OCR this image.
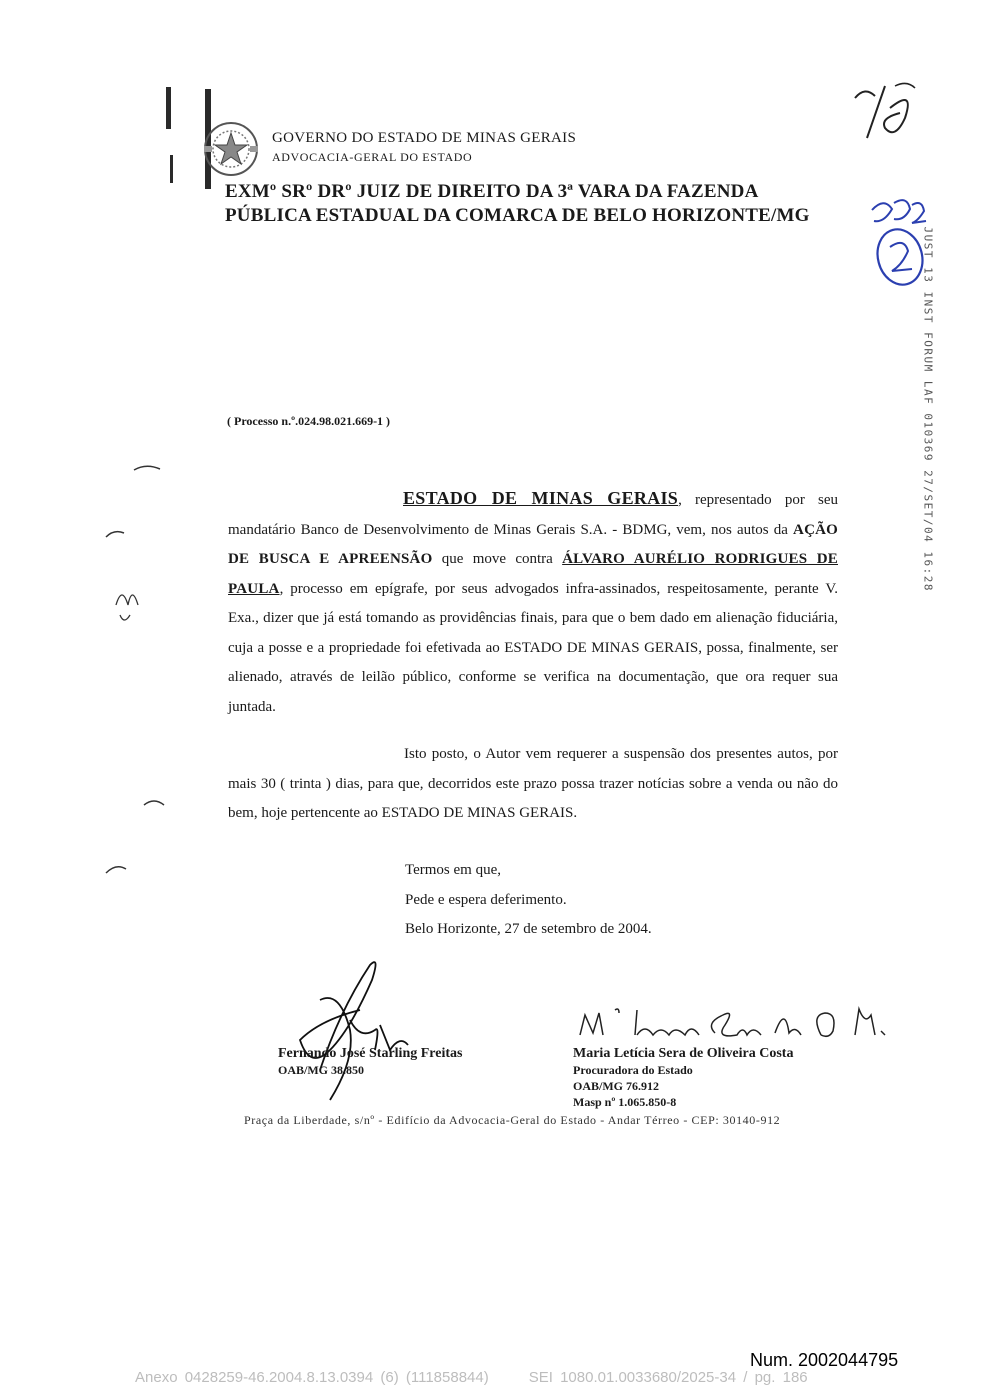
GOVERNO DO ESTADO DE MINAS GERAIS
ADVOCACIA-GERAL DO ESTADO
EXMº SRº DRº JUIZ DE DIREITO DA 3ª VARA DA FAZENDA
PÚBLICA ESTADUAL DA COMARCA DE BELO HORIZONTE/MG
198
962
JUST 13 INST FORUM LAF 010369 27/SET/04 16:28
( Processo n.º.024.98.021.669-1 )
ESTADO DE MINAS GERAIS, representado por seu mandatário Banco de Desenvolvimento de Minas Gerais S.A. - BDMG, vem, nos autos da AÇÃO DE BUSCA E APREENSÃO que move contra ÁLVARO AURÉLIO RODRIGUES DE PAULA, processo em epígrafe, por seus advogados infra-assinados, respeitosamente, perante V. Exa., dizer que já está tomando as providências finais, para que o bem dado em alienação fiduciária, cuja a posse e a propriedade foi efetivada ao ESTADO DE MINAS GERAIS, possa, finalmente, ser alienado, através de leilão público, conforme se verifica na documentação, que ora requer sua juntada.
Isto posto, o Autor vem requerer a suspensão dos presentes autos, por mais 30 ( trinta ) dias, para que, decorridos este prazo possa trazer notícias sobre a venda ou não do bem, hoje pertencente ao ESTADO DE MINAS GERAIS.
Termos em que,
Pede e espera deferimento.
Belo Horizonte, 27 de setembro de 2004.
Fernando José Starling Freitas
OAB/MG 38.850
Maria Letícia Sera de Oliveira Costa
Procuradora do Estado
OAB/MG 76.912
Masp nº 1.065.850-8
Praça da Liberdade, s/nº - Edifício da Advocacia-Geral do Estado - Andar Térreo - CEP: 30140-912
Num. 2002044795
Anexo 0428259-46.2004.8.13.0394 (6) (111858844)	SEI 1080.01.0033680/2025-34 / pg. 186
